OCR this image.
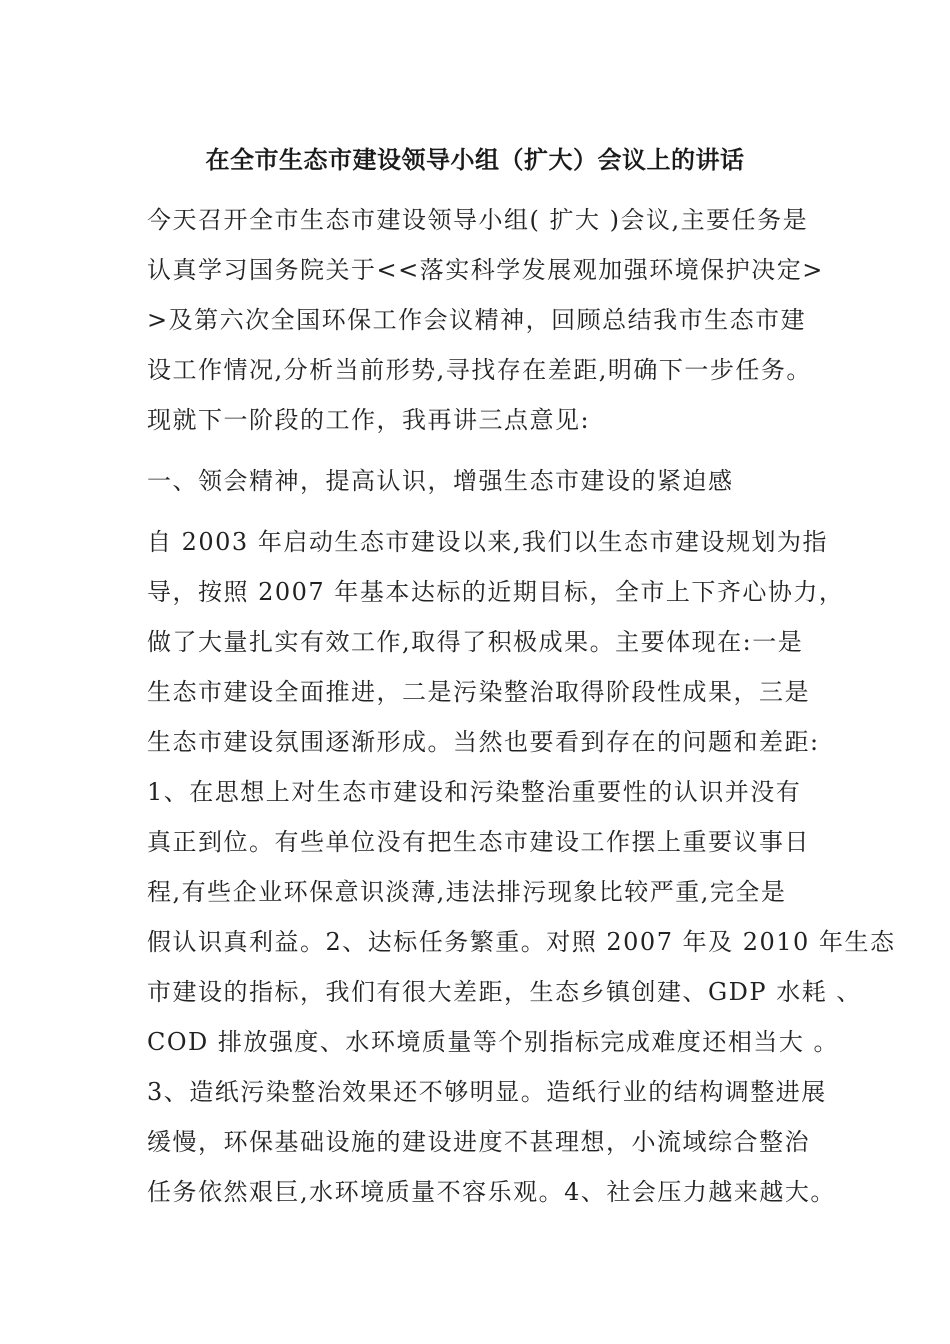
在全市生态市建设领导小组（扩大）会议上的讲话

今天召开全市生态市建设领导小组( 扩大 )会议,主要任务是

认真学习国务院关于<<落实科学发展观加强环境保护决定>

>及第六次全国环保工作会议精神，回顾总结我市生态市建

设工作情况,分析当前形势,寻找存在差距,明确下一步任务。

现就下一阶段的工作，我再讲三点意见:

一、领会精神，提高认识，增强生态市建设的紧迫感

自 2003 年启动生态市建设以来,我们以生态市建设规划为指

导，按照 2007 年基本达标的近期目标，全市上下齐心协力，

做了大量扎实有效工作,取得了积极成果。主要体现在:一是

生态市建设全面推进，二是污染整治取得阶段性成果，三是

生态市建设氛围逐渐形成。当然也要看到存在的问题和差距:

1、在思想上对生态市建设和污染整治重要性的认识并没有

真正到位。有些单位没有把生态市建设工作摆上重要议事日

程,有些企业环保意识淡薄,违法排污现象比较严重,完全是

假认识真利益。2、达标任务繁重。对照 2007 年及 2010 年生态

市建设的指标，我们有很大差距，生态乡镇创建、GDP 水耗 、

COD 排放强度、水环境质量等个别指标完成难度还相当大 。

3、造纸污染整治效果还不够明显。造纸行业的结构调整进展

缓慢，环保基础设施的建设进度不甚理想，小流域综合整治

任务依然艰巨,水环境质量不容乐观。4、社会压力越来越大。
